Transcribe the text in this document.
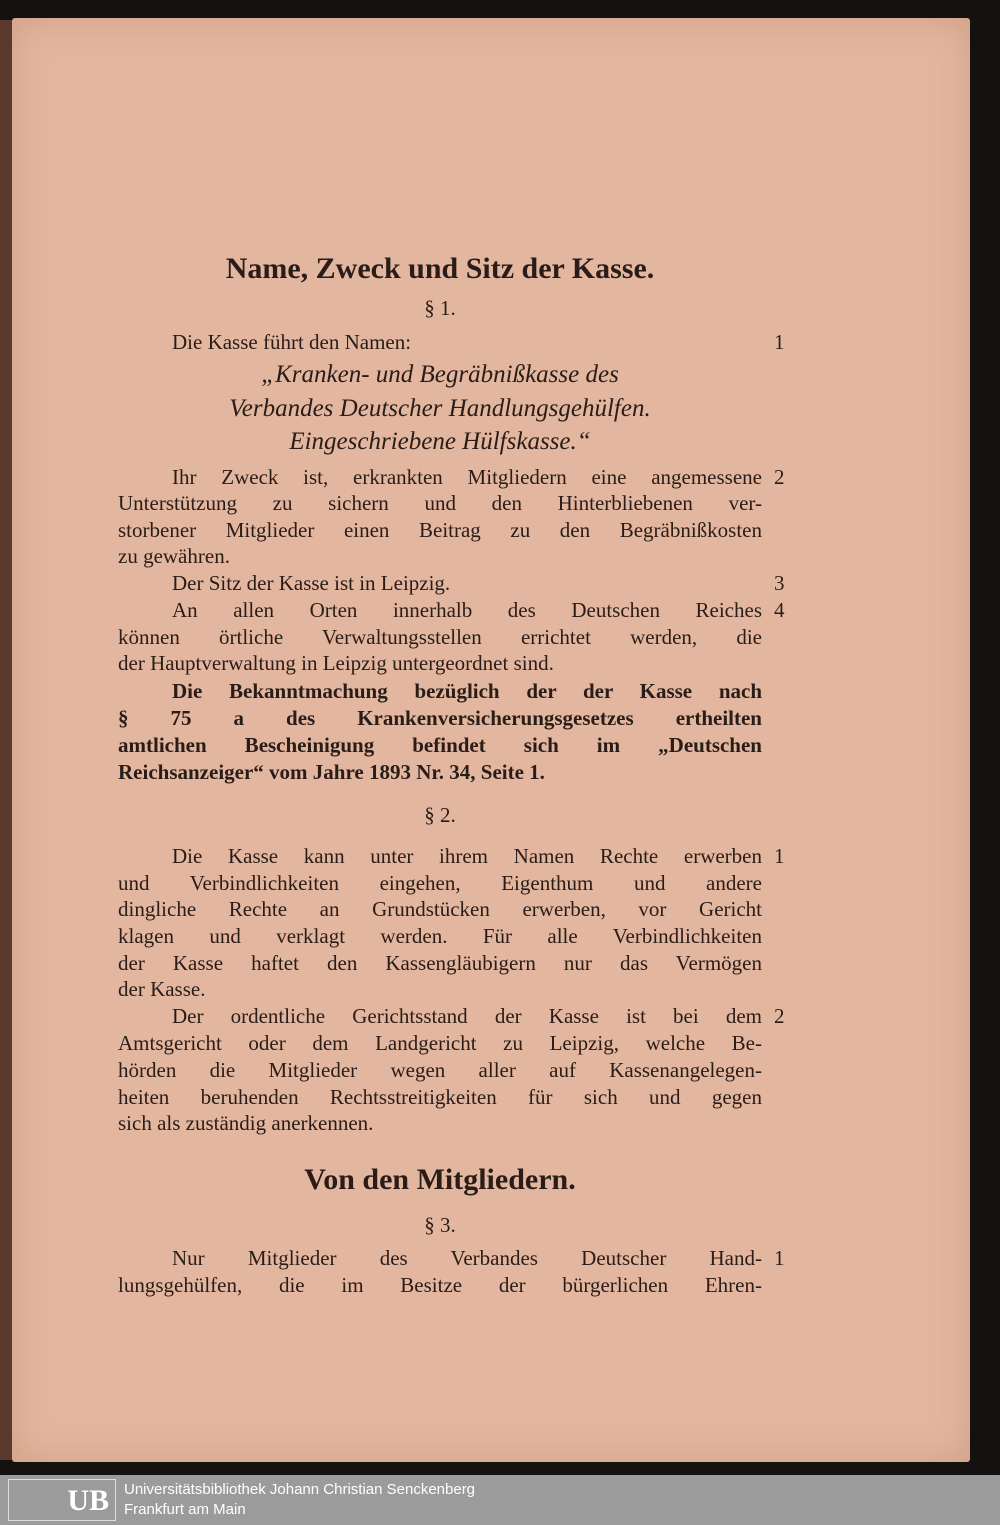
Name, Zweck und Sitz der Kasse.
§ 1.
Die Kasse führt den Namen:	1
„Kranken- und Begräbnißkasse des
Verbandes Deutscher Handlungsgehülfen.
Eingeschriebene Hülfskasse.“
Ihr Zweck ist, erkrankten Mitgliedern eine angemessene 2
Unterstützung zu sichern und den Hinterbliebenen ver-
storbener Mitglieder einen Beitrag zu den Begräbnißkosten
zu gewähren.
Der Sitz der Kasse ist in Leipzig.	3
An allen Orten innerhalb des Deutschen Reiches 4
können örtliche Verwaltungsstellen errichtet werden, die
der Hauptverwaltung in Leipzig untergeordnet sind.
Die Bekanntmachung bezüglich der der Kasse nach
§ 75 a des Krankenversicherungsgesetzes ertheilten
amtlichen Bescheinigung befindet sich im „Deutschen
Reichsanzeiger“ vom Jahre 1893 Nr. 34, Seite 1.
§ 2.
Die Kasse kann unter ihrem Namen Rechte erwerben 1
und Verbindlichkeiten eingehen, Eigenthum und andere
dingliche Rechte an Grundstücken erwerben, vor Gericht
klagen und verklagt werden. Für alle Verbindlichkeiten
der Kasse haftet den Kassengläubigern nur das Vermögen
der Kasse.
Der ordentliche Gerichtsstand der Kasse ist bei dem 2
Amtsgericht oder dem Landgericht zu Leipzig, welche Be-
hörden die Mitglieder wegen aller auf Kassenangelegen-
heiten beruhenden Rechtsstreitigkeiten für sich und gegen
sich als zuständig anerkennen.
Von den Mitgliedern.
§ 3.
Nur Mitglieder des Verbandes Deutscher Hand- 1
lungsgehülfen, die im Besitze der bürgerlichen Ehren-
UB	Universitätsbibliothek Johann Christian Senckenberg
Frankfurt am Main
